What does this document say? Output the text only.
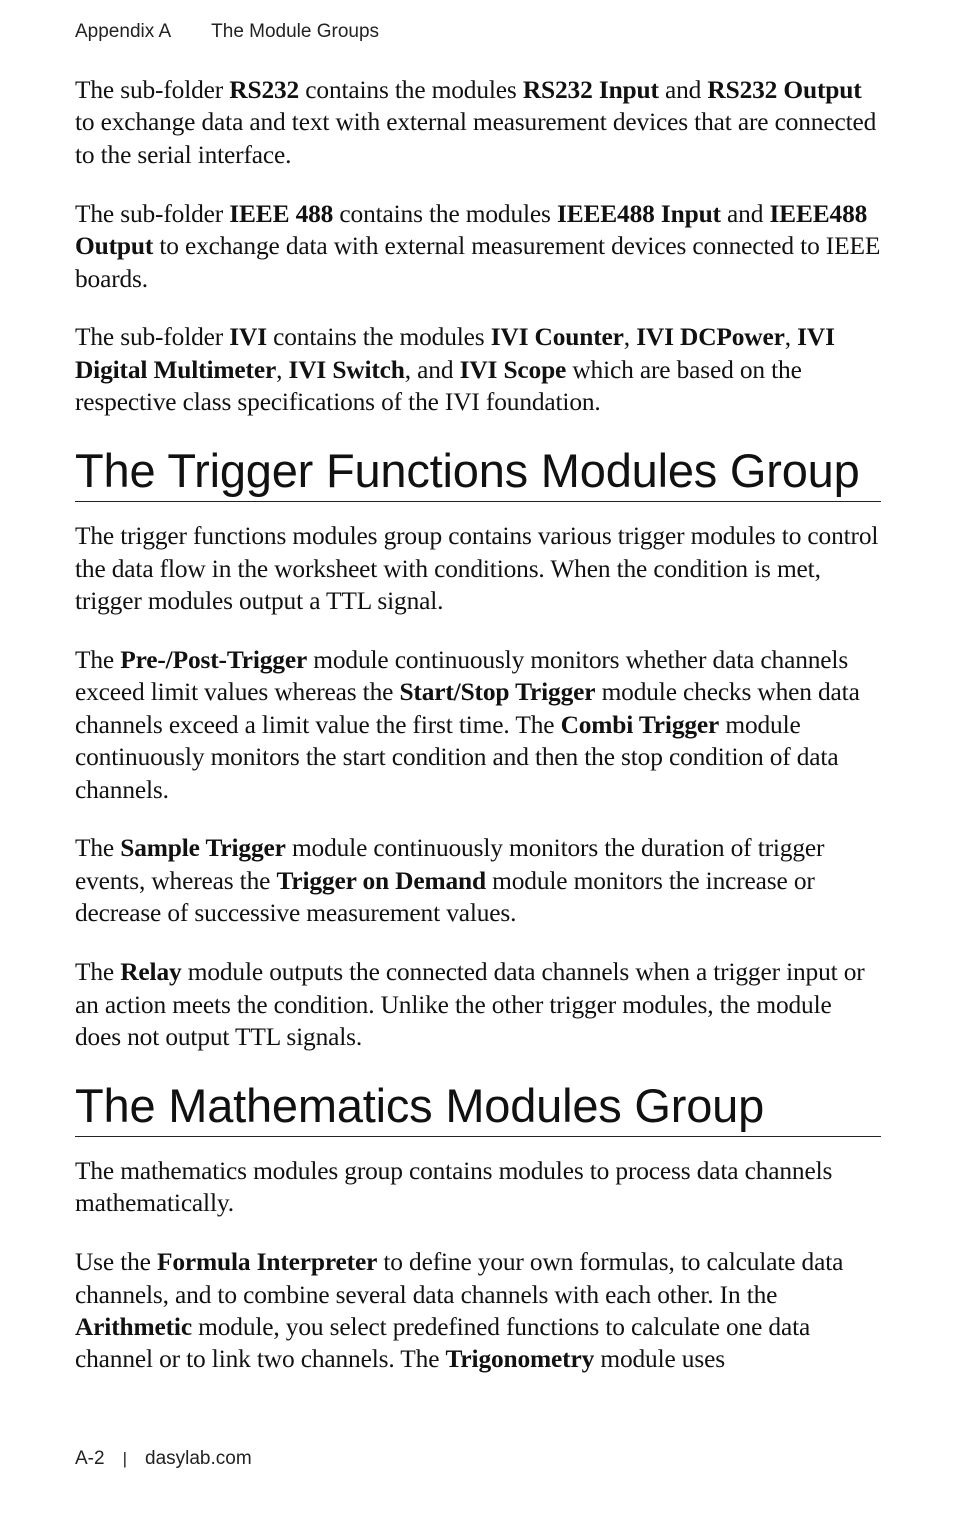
Appendix A The Module Groups

The sub-folder RS232 contains the modules RS232 Input and RS232 Output to exchange data and text with external measurement devices that are connected to the serial interface.

The sub-folder IEEE 488 contains the modules IEEE488 Input and IEEE488 Output to exchange data with external measurement devices connected to IEEE boards.

The sub-folder IVI contains the modules IVI Counter, IVI DCPower, IVI Digital Multimeter, IVI Switch, and IVI Scope which are based on the respective class specifications of the IVI foundation.

The Trigger Functions Modules Group

The trigger functions modules group contains various trigger modules to control the data flow in the worksheet with conditions. When the condition is met, trigger modules output a TTL signal.

The Pre-/Post-Trigger module continuously monitors whether data channels exceed limit values whereas the Start/Stop Trigger module checks when data channels exceed a limit value the first time. The Combi Trigger module continuously monitors the start condition and then the stop condition of data channels.

The Sample Trigger module continuously monitors the duration of trigger events, whereas the Trigger on Demand module monitors the increase or decrease of successive measurement values.

The Relay module outputs the connected data channels when a trigger input or an action meets the condition. Unlike the other trigger modules, the module does not output TTL signals.

The Mathematics Modules Group

The mathematics modules group contains modules to process data channels mathematically.

Use the Formula Interpreter to define your own formulas, to calculate data channels, and to combine several data channels with each other. In the Arithmetic module, you select predefined functions to calculate one data channel or to link two channels. The Trigonometry module uses

A-2 | dasylab.com
